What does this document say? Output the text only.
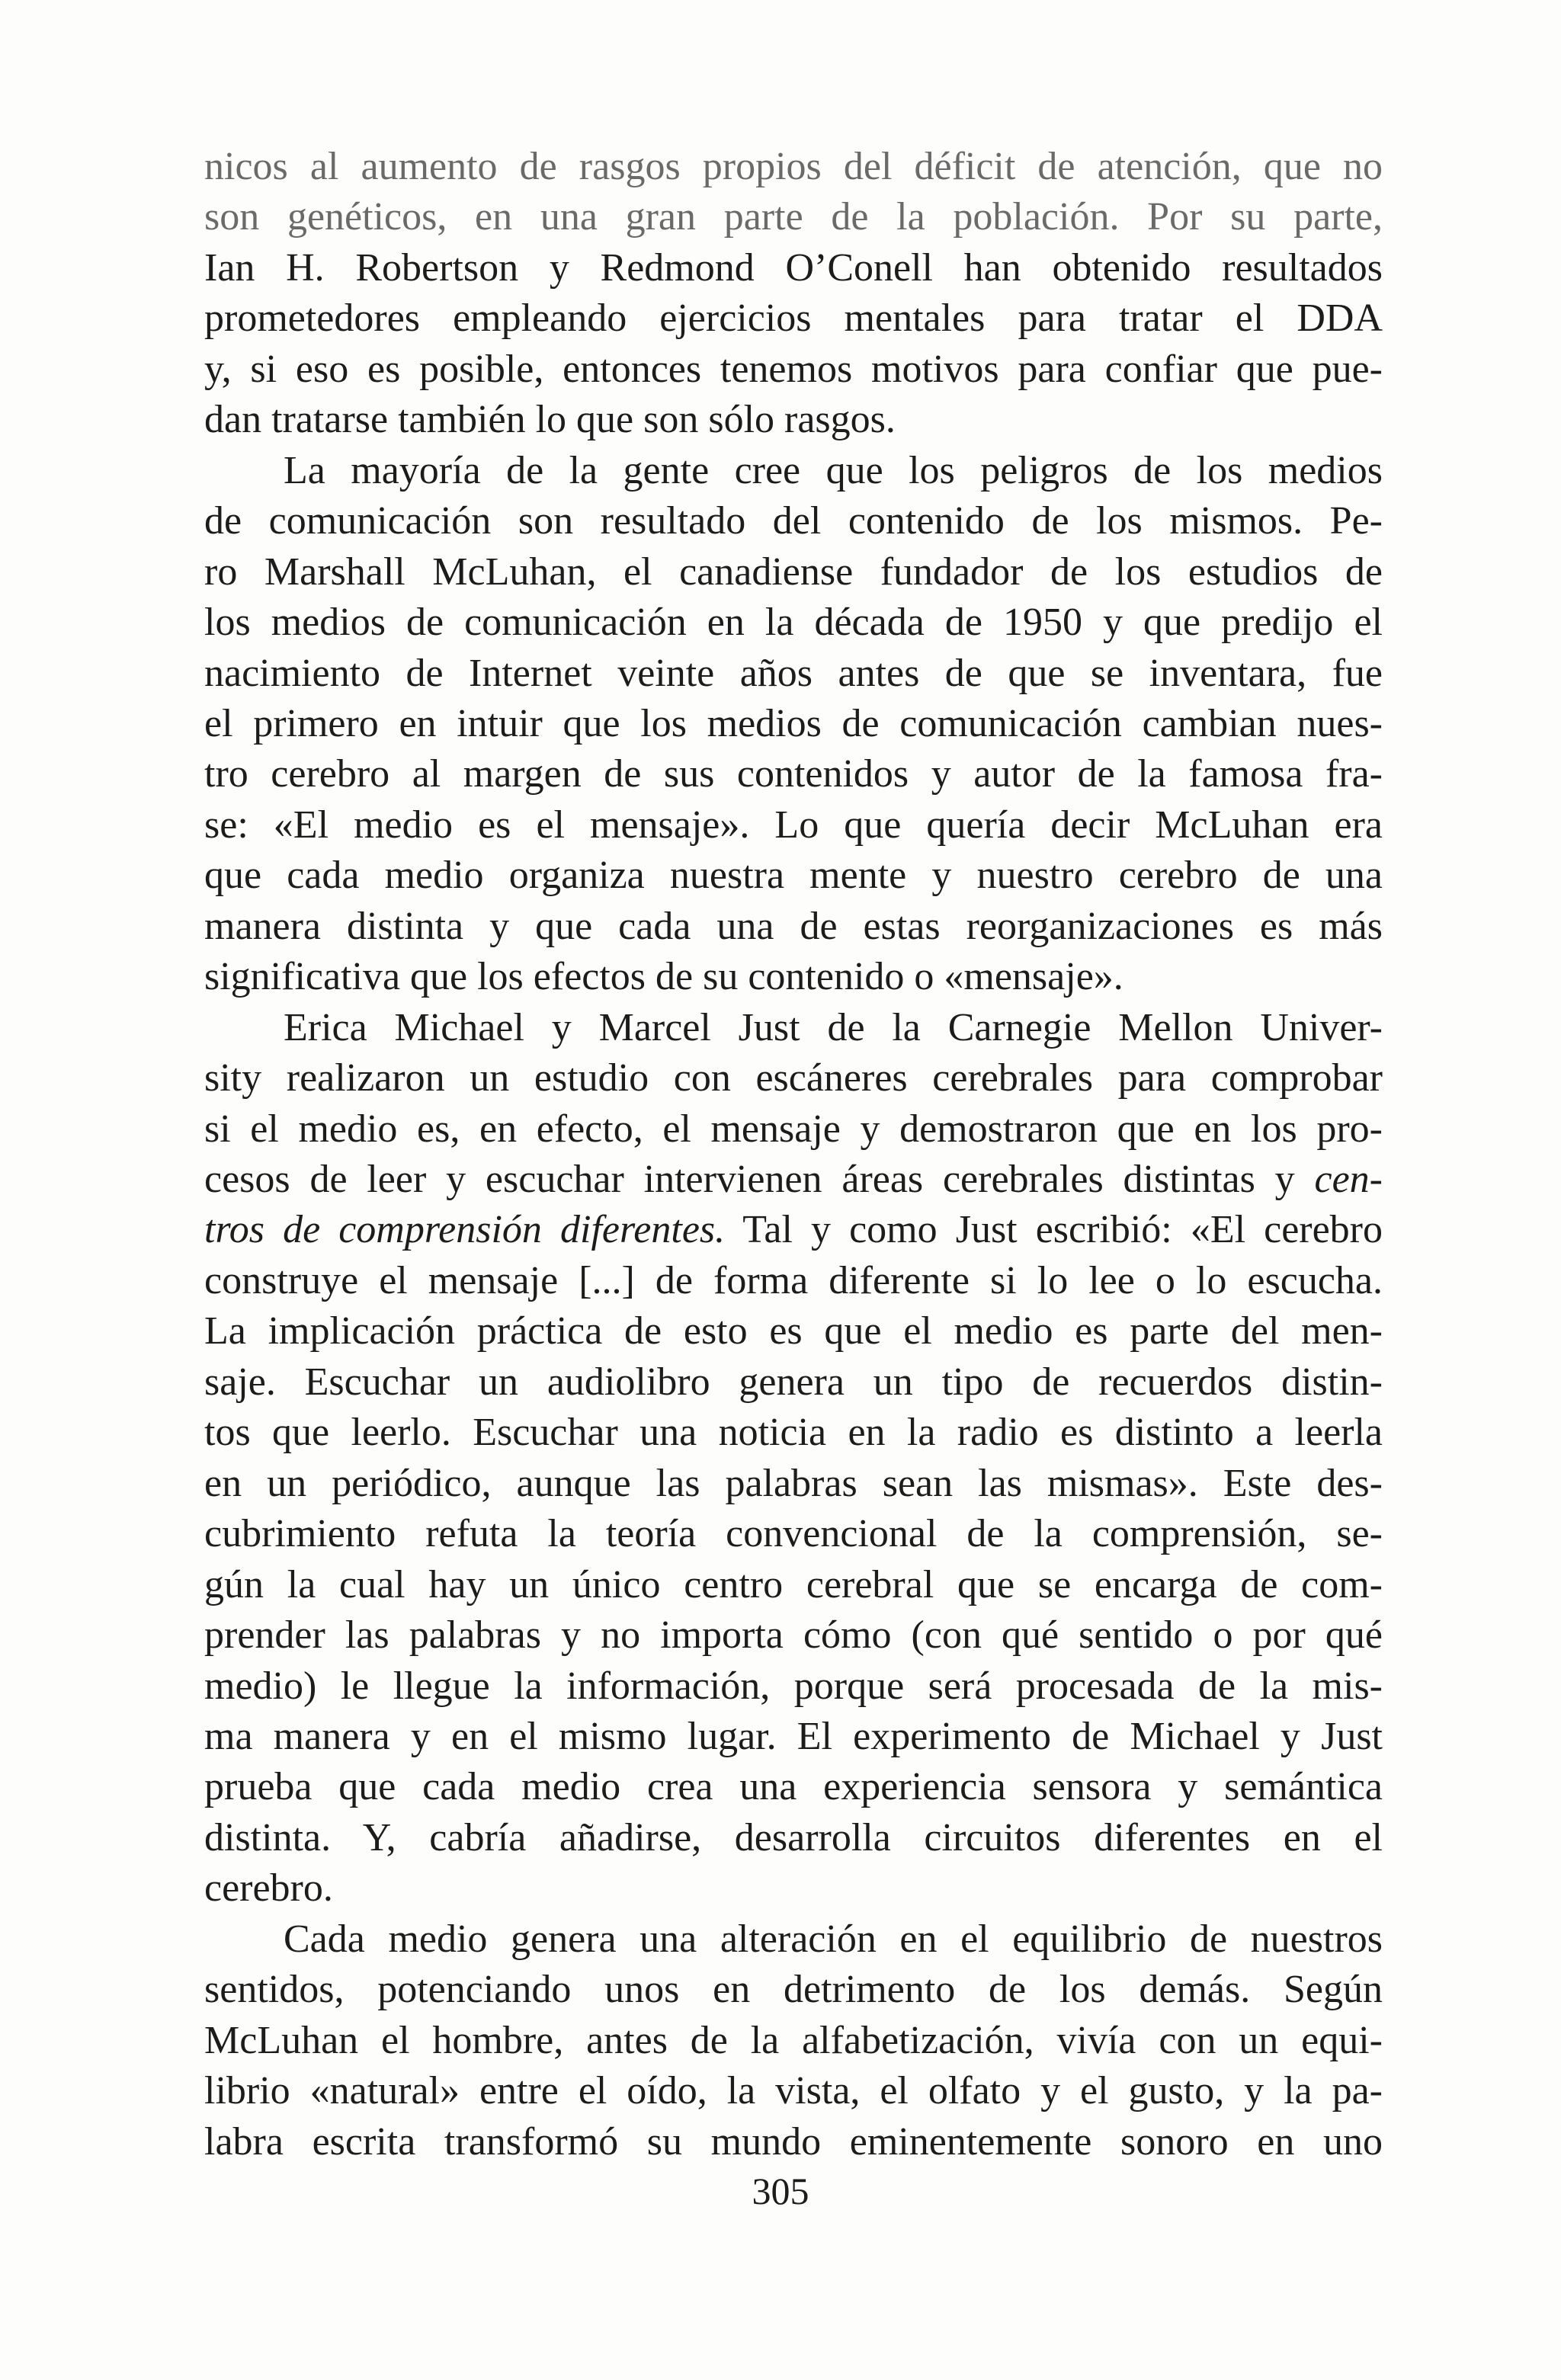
nicos al aumento de rasgos propios del déficit de atención, que no
son genéticos, en una gran parte de la población. Por su parte,
Ian H. Robertson y Redmond O’Conell han obtenido resultados
prometedores empleando ejercicios mentales para tratar el DDA
y, si eso es posible, entonces tenemos motivos para confiar que pue-
dan tratarse también lo que son sólo rasgos.
La mayoría de la gente cree que los peligros de los medios
de comunicación son resultado del contenido de los mismos. Pe-
ro Marshall McLuhan, el canadiense fundador de los estudios de
los medios de comunicación en la década de 1950 y que predijo el
nacimiento de Internet veinte años antes de que se inventara, fue
el primero en intuir que los medios de comunicación cambian nues-
tro cerebro al margen de sus contenidos y autor de la famosa fra-
se: «El medio es el mensaje». Lo que quería decir McLuhan era
que cada medio organiza nuestra mente y nuestro cerebro de una
manera distinta y que cada una de estas reorganizaciones es más
significativa que los efectos de su contenido o «mensaje».
Erica Michael y Marcel Just de la Carnegie Mellon Univer-
sity realizaron un estudio con escáneres cerebrales para comprobar
si el medio es, en efecto, el mensaje y demostraron que en los pro-
cesos de leer y escuchar intervienen áreas cerebrales distintas y cen-
tros de comprensión diferentes. Tal y como Just escribió: «El cerebro
construye el mensaje [...] de forma diferente si lo lee o lo escucha.
La implicación práctica de esto es que el medio es parte del men-
saje. Escuchar un audiolibro genera un tipo de recuerdos distin-
tos que leerlo. Escuchar una noticia en la radio es distinto a leerla
en un periódico, aunque las palabras sean las mismas». Este des-
cubrimiento refuta la teoría convencional de la comprensión, se-
gún la cual hay un único centro cerebral que se encarga de com-
prender las palabras y no importa cómo (con qué sentido o por qué
medio) le llegue la información, porque será procesada de la mis-
ma manera y en el mismo lugar. El experimento de Michael y Just
prueba que cada medio crea una experiencia sensora y semántica
distinta. Y, cabría añadirse, desarrolla circuitos diferentes en el
cerebro.
Cada medio genera una alteración en el equilibrio de nuestros
sentidos, potenciando unos en detrimento de los demás. Según
McLuhan el hombre, antes de la alfabetización, vivía con un equi-
librio «natural» entre el oído, la vista, el olfato y el gusto, y la pa-
labra escrita transformó su mundo eminentemente sonoro en uno
305
